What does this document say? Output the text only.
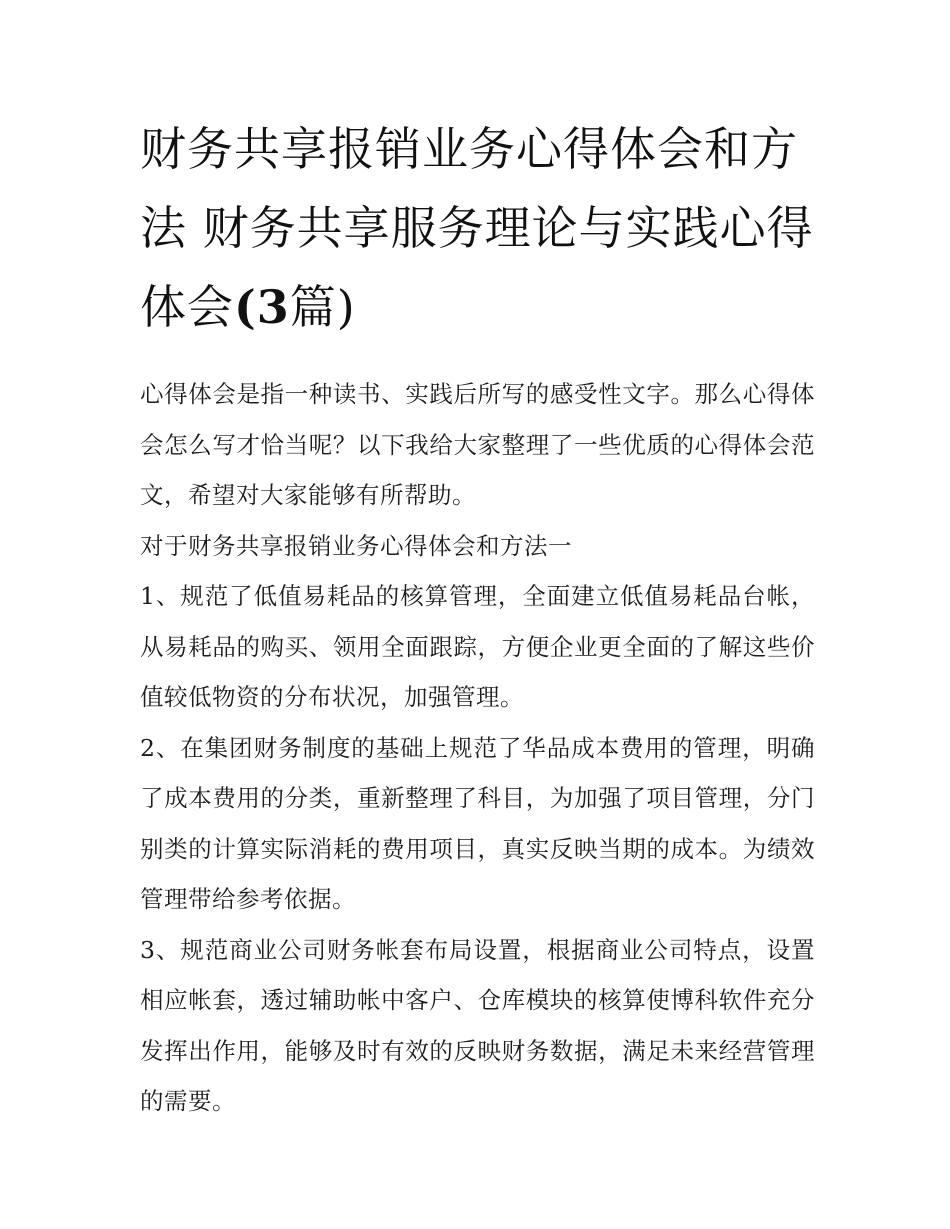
财务共享报销业务心得体会和方法 财务共享服务理论与实践心得体会(3篇)

心得体会是指一种读书、实践后所写的感受性文字。那么心得体会怎么写才恰当呢？以下我给大家整理了一些优质的心得体会范文，希望对大家能够有所帮助。

对于财务共享报销业务心得体会和方法一

1、规范了低值易耗品的核算管理，全面建立低值易耗品台帐，从易耗品的购买、领用全面跟踪，方便企业更全面的了解这些价值较低物资的分布状况，加强管理。

2、在集团财务制度的基础上规范了华品成本费用的管理，明确了成本费用的分类，重新整理了科目，为加强了项目管理，分门别类的计算实际消耗的费用项目，真实反映当期的成本。为绩效管理带给参考依据。

3、规范商业公司财务帐套布局设置，根据商业公司特点，设置相应帐套，透过辅助帐中客户、仓库模块的核算使博科软件充分发挥出作用，能够及时有效的反映财务数据，满足未来经营管理的需要。
